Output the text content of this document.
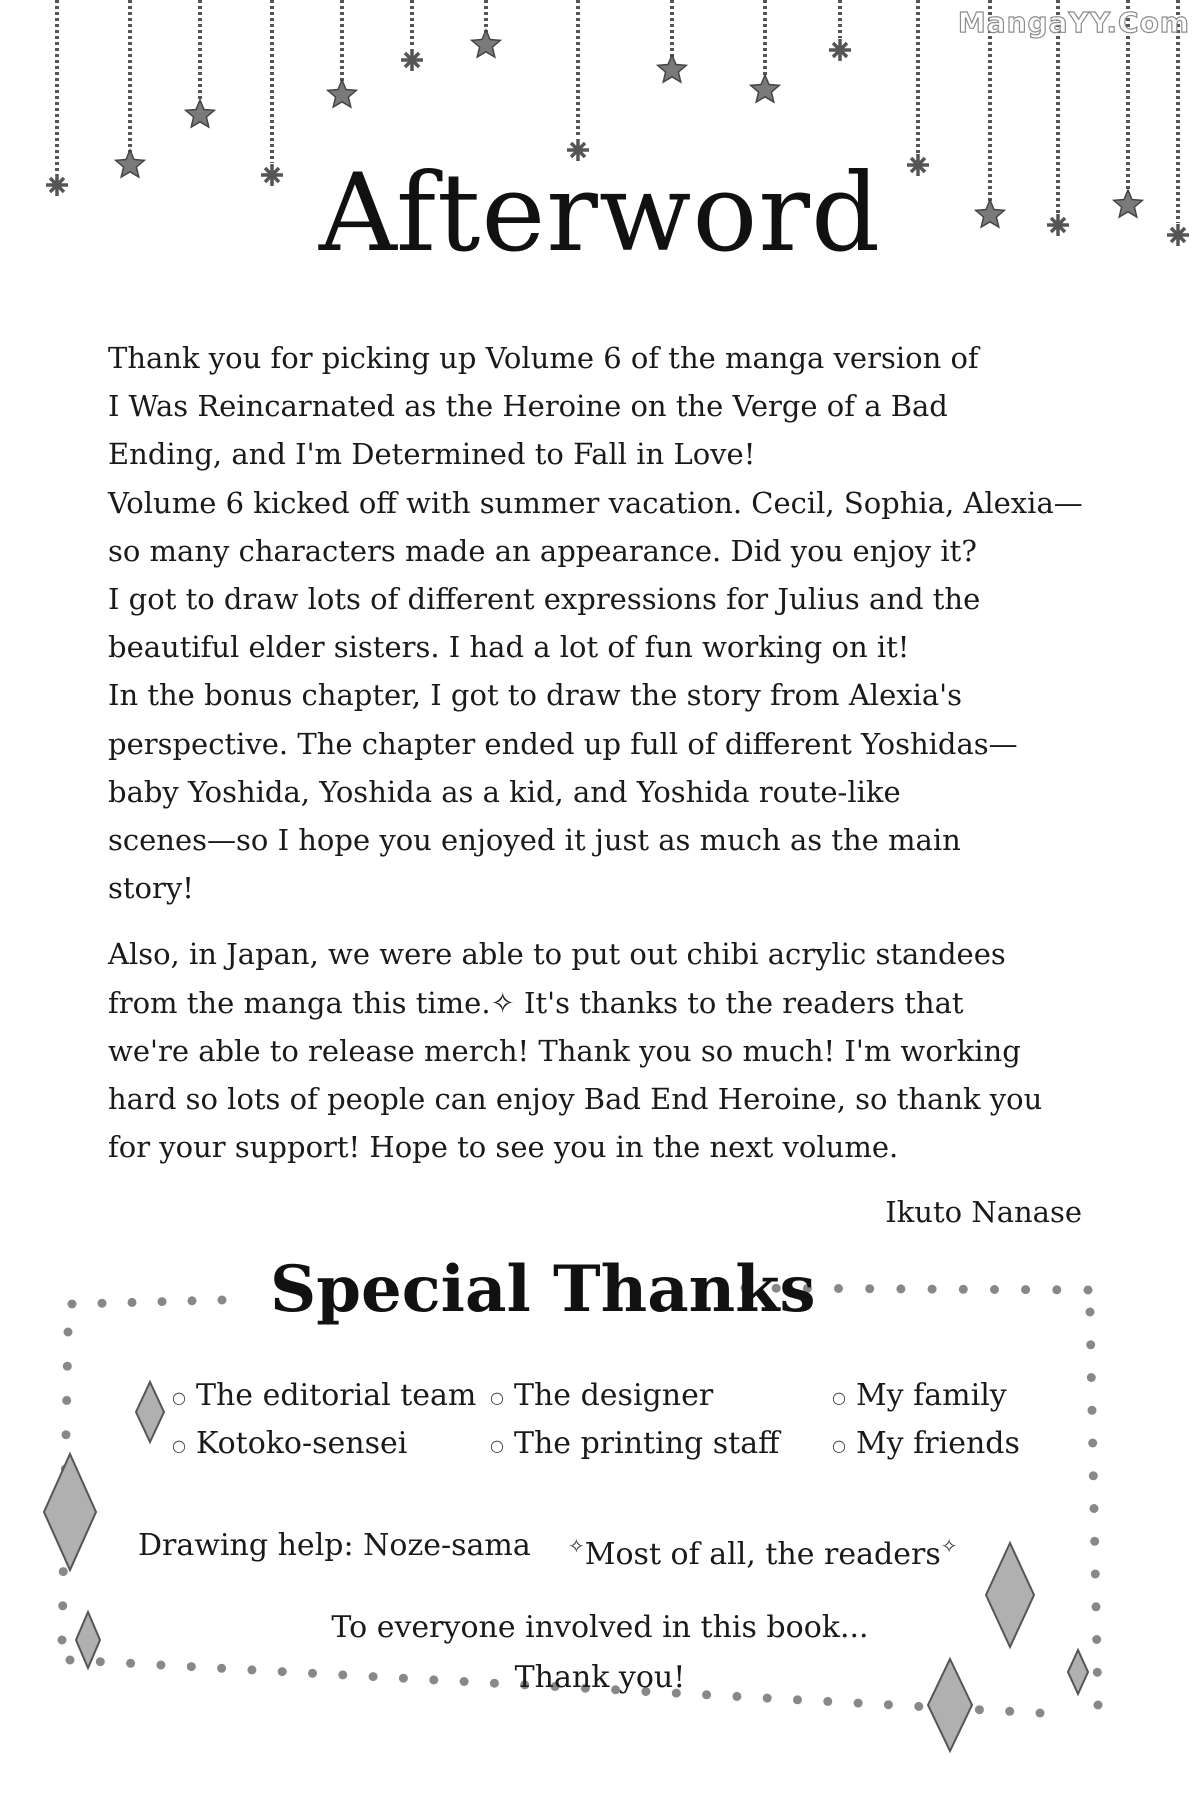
MangaYY.Com
Afterword
Thank you for picking up Volume 6 of the manga version of
I Was Reincarnated as the Heroine on the Verge of a Bad
Ending, and I'm Determined to Fall in Love!
Volume 6 kicked off with summer vacation. Cecil, Sophia, Alexia—
so many characters made an appearance. Did you enjoy it?
I got to draw lots of different expressions for Julius and the
beautiful elder sisters. I had a lot of fun working on it!
In the bonus chapter, I got to draw the story from Alexia's
perspective. The chapter ended up full of different Yoshidas—
baby Yoshida, Yoshida as a kid, and Yoshida route-like
scenes—so I hope you enjoyed it just as much as the main
story!
Also, in Japan, we were able to put out chibi acrylic standees
from the manga this time.✧ It's thanks to the readers that
we're able to release merch! Thank you so much! I'm working
hard so lots of people can enjoy Bad End Heroine, so thank you
for your support! Hope to see you in the next volume.
Ikuto Nanase
Special Thanks
○ The editorial team ○ The designer	○ My family
○ Kotoko-sensei	○ The printing staff	○ My friends
Drawing help: Noze-sama ✧Most of all, the readers✧
To everyone involved in this book...
Thank you!
